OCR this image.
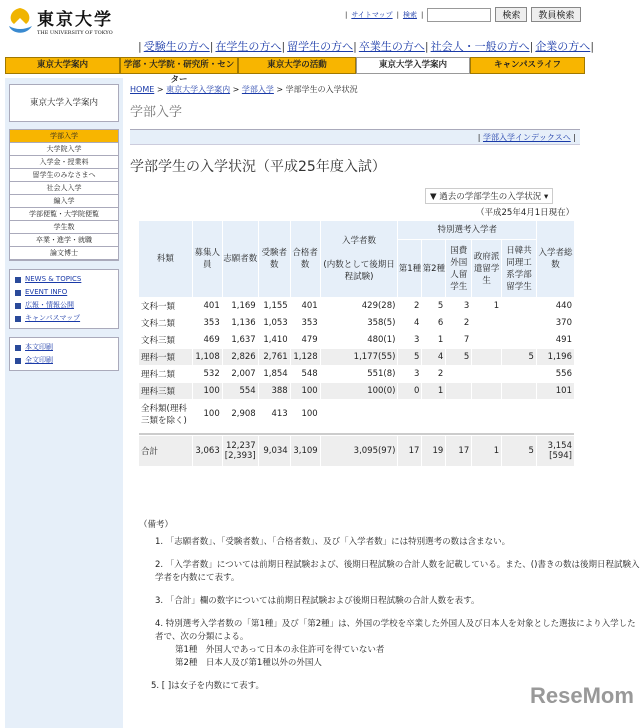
東京大学
THE UNIVERSITY OF TOKYO
| サイトマップ | 検索 |	検索	教員検索
| 受験生の方へ| 在学生の方へ| 留学生の方へ| 卒業生の方へ| 社会人・一般の方へ| 企業の方へ|
東京大学案内	学部・大学院・研究所・センター
東京大学の活動	東京大学入学案内	キャンパスライフ
東京大学入学案内
学部入学
大学院入学
入学金・授業料
留学生のみなさまへ
社会人入学
編入学
学部便覧・大学院便覧
学生数
卒業・進学・就職
論文博士
NEWS & TOPICS
EVENT INFO
広報・情報公開
キャンパスマップ
本文印刷
全文印刷
HOME > 東京大学入学案内 > 学部入学 > 学部学生の入学状況
学部入学
| 学部入学インデックスへ |
学部学生の入学状況（平成25年度入試）
▼ 過去の学部学生の入学状況 ▾
（平成25年4月1日現在）
科類	募集人員	志願者数	受験者数	合格者数	入学者数

(内数として後期日程試験)	特別選考入学者					入学者総数
						第1種	第2種	国費外国人留学生	政府派遣留学生	日韓共同理工系学部留学生	
文科一類	401	1,169	1,155	401	429(28)	2	5	3	1		440
文科二類	353	1,136	1,053	353	358(5)	4	6	2			370
文科三類	469	1,637	1,410	479	480(1)	3	1	7			491
理科一類	1,108	2,826	2,761	1,128	1,177(55)	5	4	5		5	1,196
理科二類	532	2,007	1,854	548	551(8)	3	2				556
理科三類	100	554	388	100	100(0)	0	1				101
全科類(理科三類を除く)	100	2,908	413	100							

合計	3,063	12,237 [2,393]	9,034	3,109	3,095(97)	17	19	17	1	5	3,154 [594]
（備考）
1. 「志願者数」、「受験者数」、「合格者数」、及び「入学者数」には特別選考の数は含まない。
2. 「入学者数」については前期日程試験および、後期日程試験の合計人数を記載している。また、()書きの数は後期日程試験入学者を内数にて表す。
3. 「合計」欄の数字については前期日程試験および後期日程試験の合計人数を表す。
4. 特別選考入学者数の「第1種」及び「第2種」は、外国の学校を卒業した外国人及び日本人を対象とした選抜により入学した者で、次の分類による。
第1種　外国人であって日本の永住許可を得ていない者
第2種　日本人及び第1種以外の外国人
5. [ ]は女子を内数にて表す。	ReseMom
